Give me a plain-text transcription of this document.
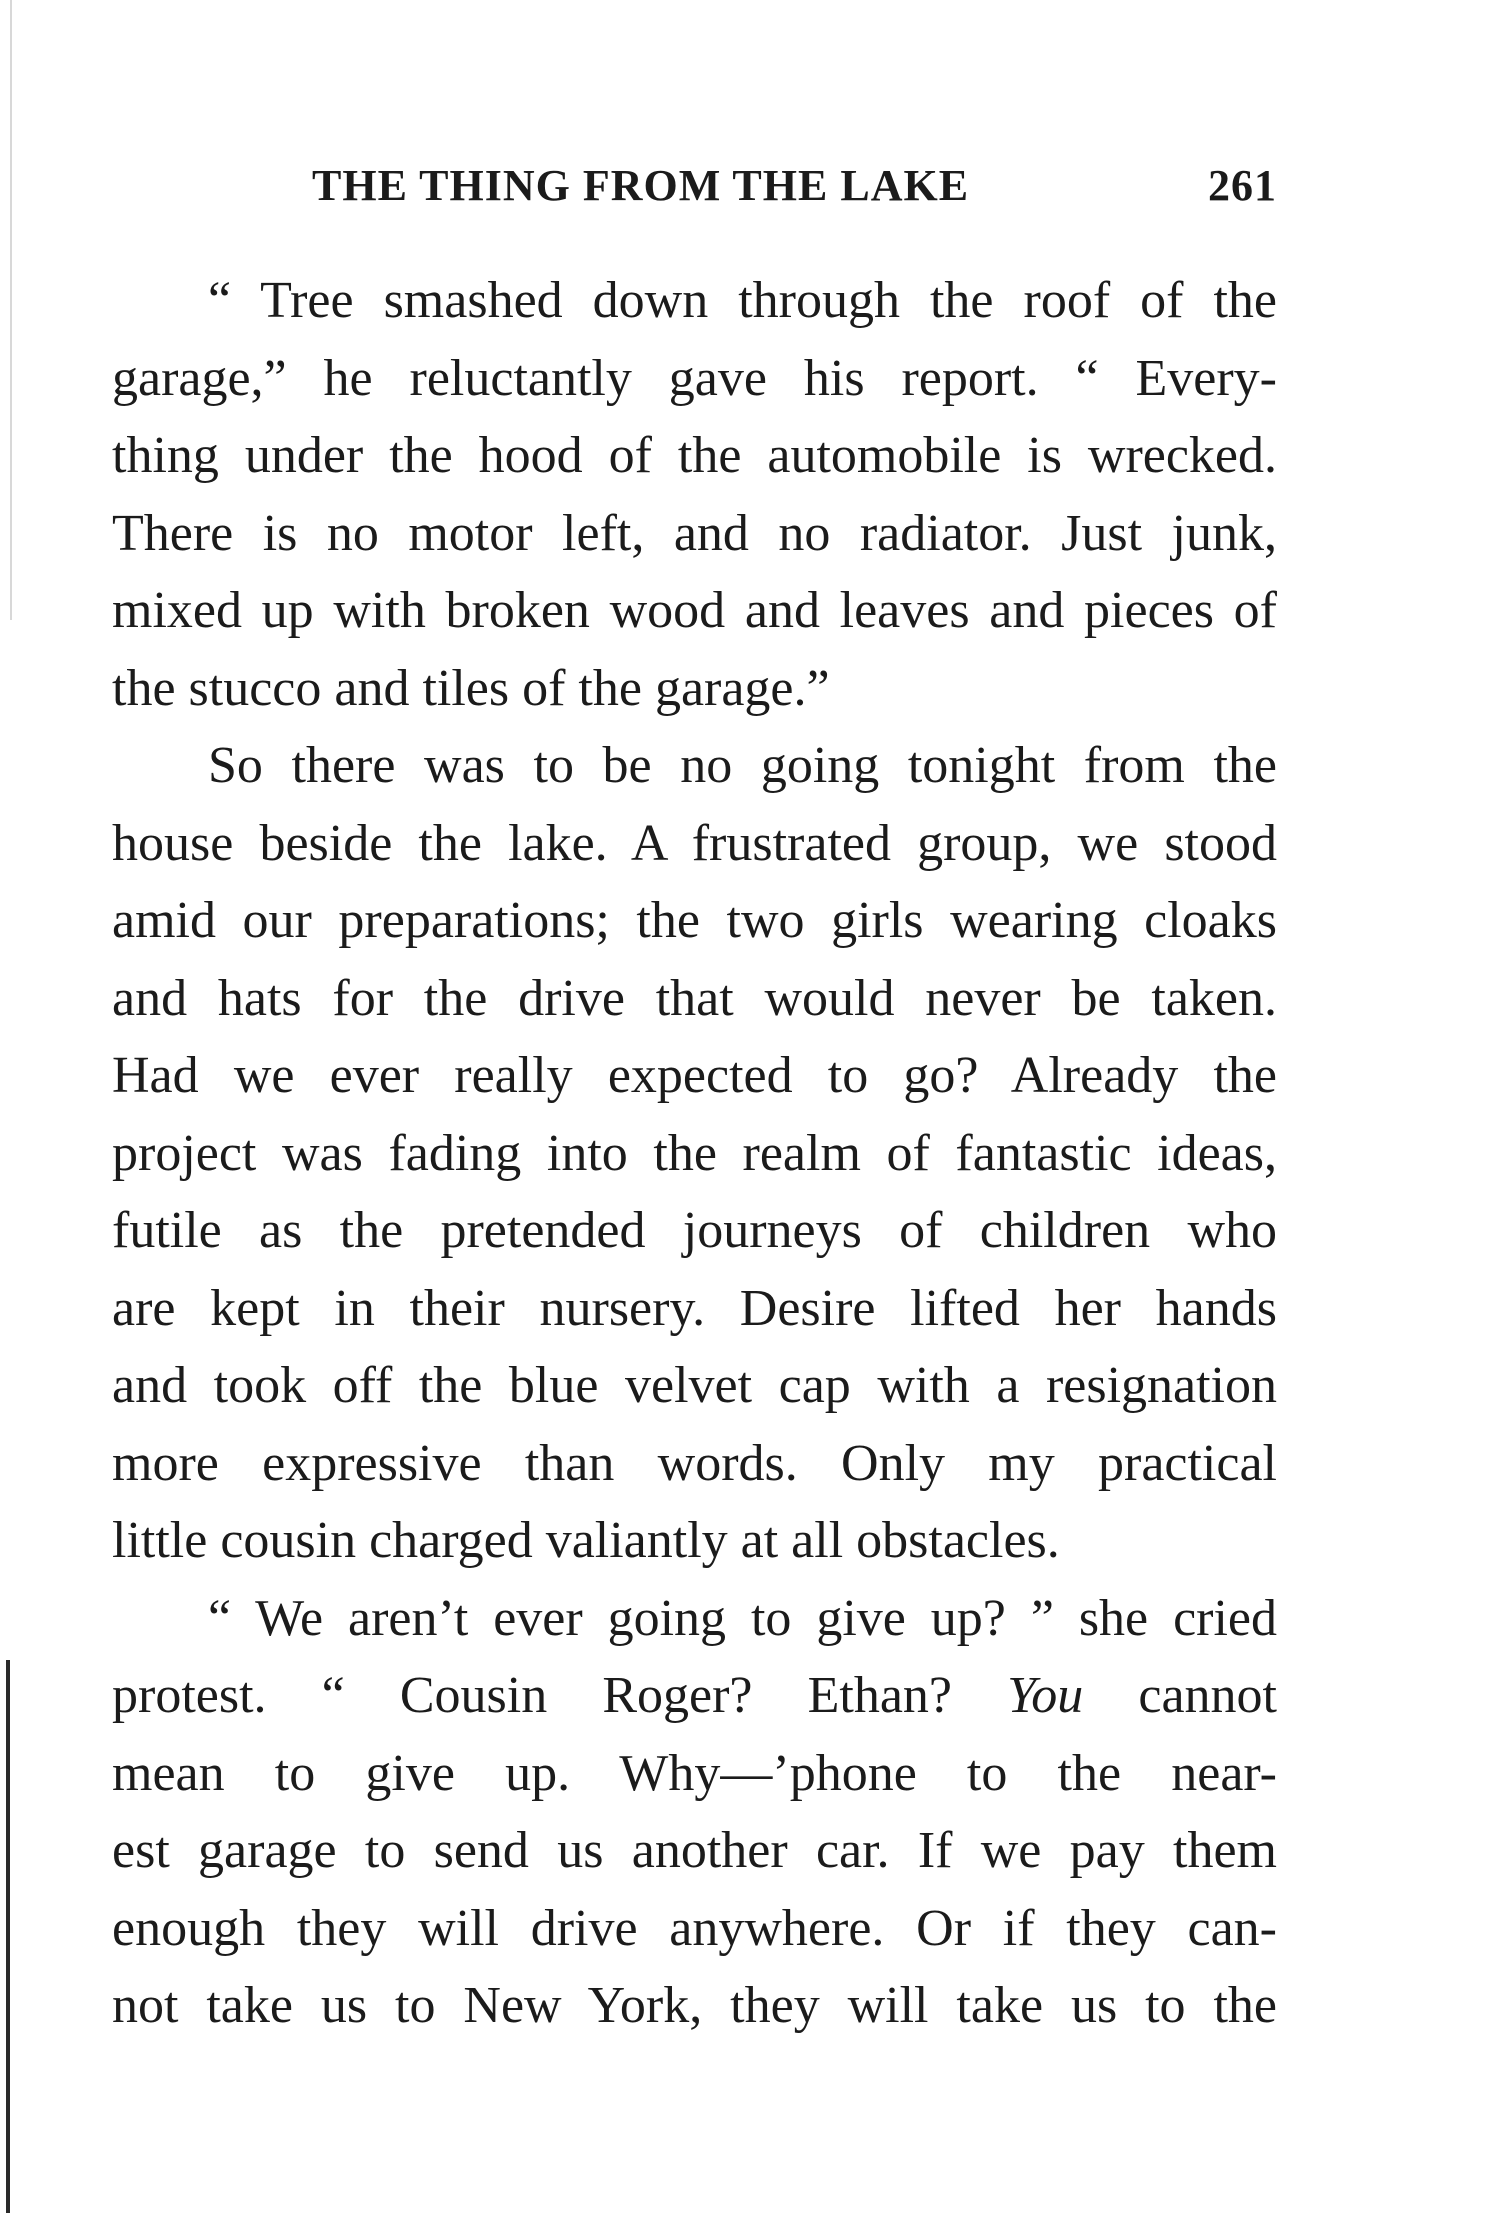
THE THING FROM THE LAKE	261
“ Tree smashed down through the roof of the
garage,” he reluctantly gave his report. “ Every-
thing under the hood of the automobile is wrecked.
There is no motor left, and no radiator. Just junk,
mixed up with broken wood and leaves and pieces of
the stucco and tiles of the garage.”
So there was to be no going tonight from the
house beside the lake. A frustrated group, we stood
amid our preparations; the two girls wearing cloaks
and hats for the drive that would never be taken.
Had we ever really expected to go? Already the
project was fading into the realm of fantastic ideas,
futile as the pretended journeys of children who
are kept in their nursery. Desire lifted her hands
and took off the blue velvet cap with a resignation
more expressive than words. Only my practical
little cousin charged valiantly at all obstacles.
“ We aren’t ever going to give up? ” she cried
protest. “ Cousin Roger? Ethan? You cannot
mean to give up. Why—’phone to the near-
est garage to send us another car. If we pay them
enough they will drive anywhere. Or if they can-
not take us to New York, they will take us to the
